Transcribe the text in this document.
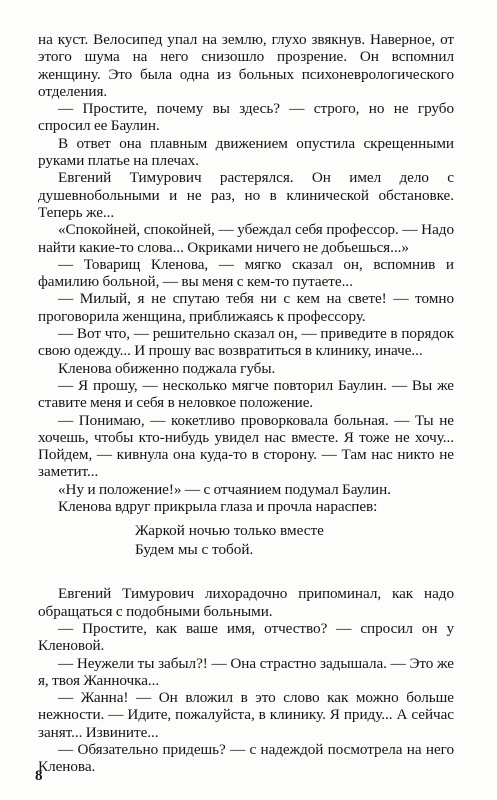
на куст. Велосипед упал на землю, глухо звякнув. Наверное, от этого шума на него снизошло прозрение. Он вспомнил женщину. Это была одна из больных психоневрологического отделения.

— Простите, почему вы здесь? — строго, но не грубо спросил ее Баулин.

В ответ она плавным движением опустила скрещенными руками платье на плечах.

Евгений Тимурович растерялся. Он имел дело с душевнобольными и не раз, но в клинической обстановке. Теперь же...

«Спокойней, спокойней, — убеждал себя профессор. — Надо найти какие-то слова... Окриками ничего не добьешься...»

— Товарищ Кленова, — мягко сказал он, вспомнив и фамилию больной, — вы меня с кем-то путаете...

— Милый, я не спутаю тебя ни с кем на свете! — томно проговорила женщина, приближаясь к профессору.

— Вот что, — решительно сказал он, — приведите в порядок свою одежду... И прошу вас возвратиться в клинику, иначе...

Кленова обиженно поджала губы.

— Я прошу, — несколько мягче повторил Баулин. — Вы же ставите меня и себя в неловкое положение.

— Понимаю, — кокетливо проворковала больная. — Ты не хочешь, чтобы кто-нибудь увидел нас вместе. Я тоже не хочу... Пойдем, — кивнула она куда-то в сторону. — Там нас никто не заметит...

«Ну и положение!» — с отчаянием подумал Баулин.

Кленова вдруг прикрыла глаза и прочла нараспев:

Жаркой ночью только вместе
Будем мы с тобой.

Евгений Тимурович лихорадочно припоминал, как надо обращаться с подобными больными.

— Простите, как ваше имя, отчество? — спросил он у Кленовой.

— Неужели ты забыл?! — Она страстно задышала. — Это же я, твоя Жанночка...

— Жанна! — Он вложил в это слово как можно больше нежности. — Идите, пожалуйста, в клинику. Я приду... А сейчас занят... Извините...

— Обязательно придешь? — с надеждой посмотрела на него Кленова.

8
